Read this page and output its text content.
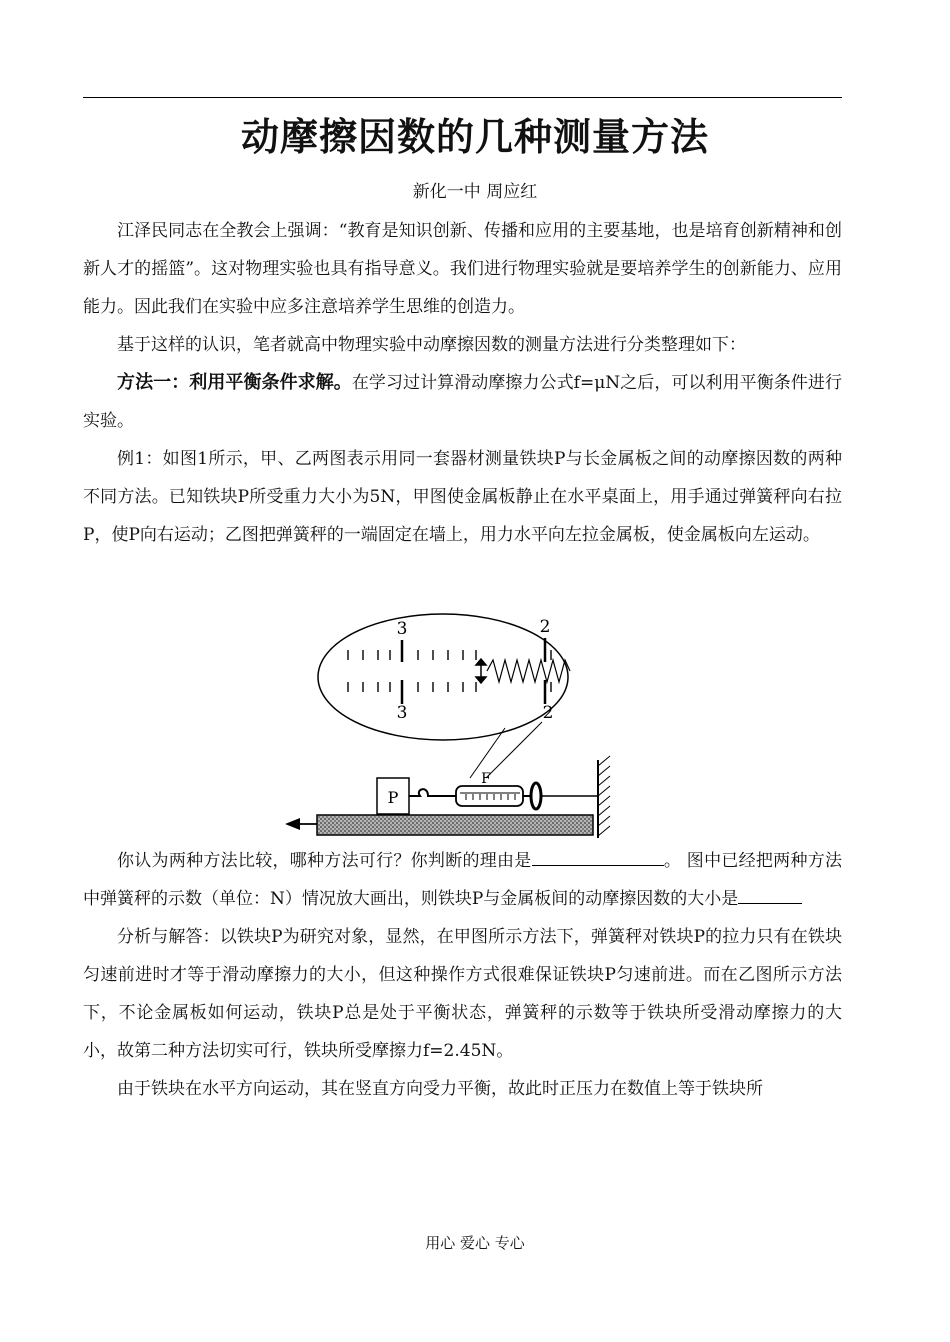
动摩擦因数的几种测量方法
新化一中 周应红

江泽民同志在全教会上强调：“教育是知识创新、传播和应用的主要基地，也是培育创新精神和创新人才的摇篮”。这对物理实验也具有指导意义。我们进行物理实验就是要培养学生的创新能力、应用能力。因此我们在实验中应多注意培养学生思维的创造力。

基于这样的认识，笔者就高中物理实验中动摩擦因数的测量方法进行分类整理如下：

方法一：利用平衡条件求解。在学习过计算滑动摩擦力公式f=μN之后，可以利用平衡条件进行实验。

例1：如图1所示，甲、乙两图表示用同一套器材测量铁块P与长金属板之间的动摩擦因数的两种不同方法。已知铁块P所受重力大小为5N，甲图使金属板静止在水平桌面上，用手通过弹簧秤向右拉P，使P向右运动；乙图把弹簧秤的一端固定在墙上，用力水平向左拉金属板，使金属板向左运动。

3	2
3	2
P
F

你认为两种方法比较，哪种方法可行？你判断的理由是	。 图中已经把两种方法中弹簧秤的示数（单位：N）情况放大画出，则铁块P与金属板间的动摩擦因数的大小是

分析与解答：以铁块P为研究对象，显然，在甲图所示方法下，弹簧秤对铁块P的拉力只有在铁块匀速前进时才等于滑动摩擦力的大小，但这种操作方式很难保证铁块P匀速前进。而在乙图所示方法下，不论金属板如何运动，铁块P总是处于平衡状态，弹簧秤的示数等于铁块所受滑动摩擦力的大小，故第二种方法切实可行，铁块所受摩擦力f=2.45N。

由于铁块在水平方向运动，其在竖直方向受力平衡，故此时正压力在数值上等于铁块所

用心 爱心 专心
